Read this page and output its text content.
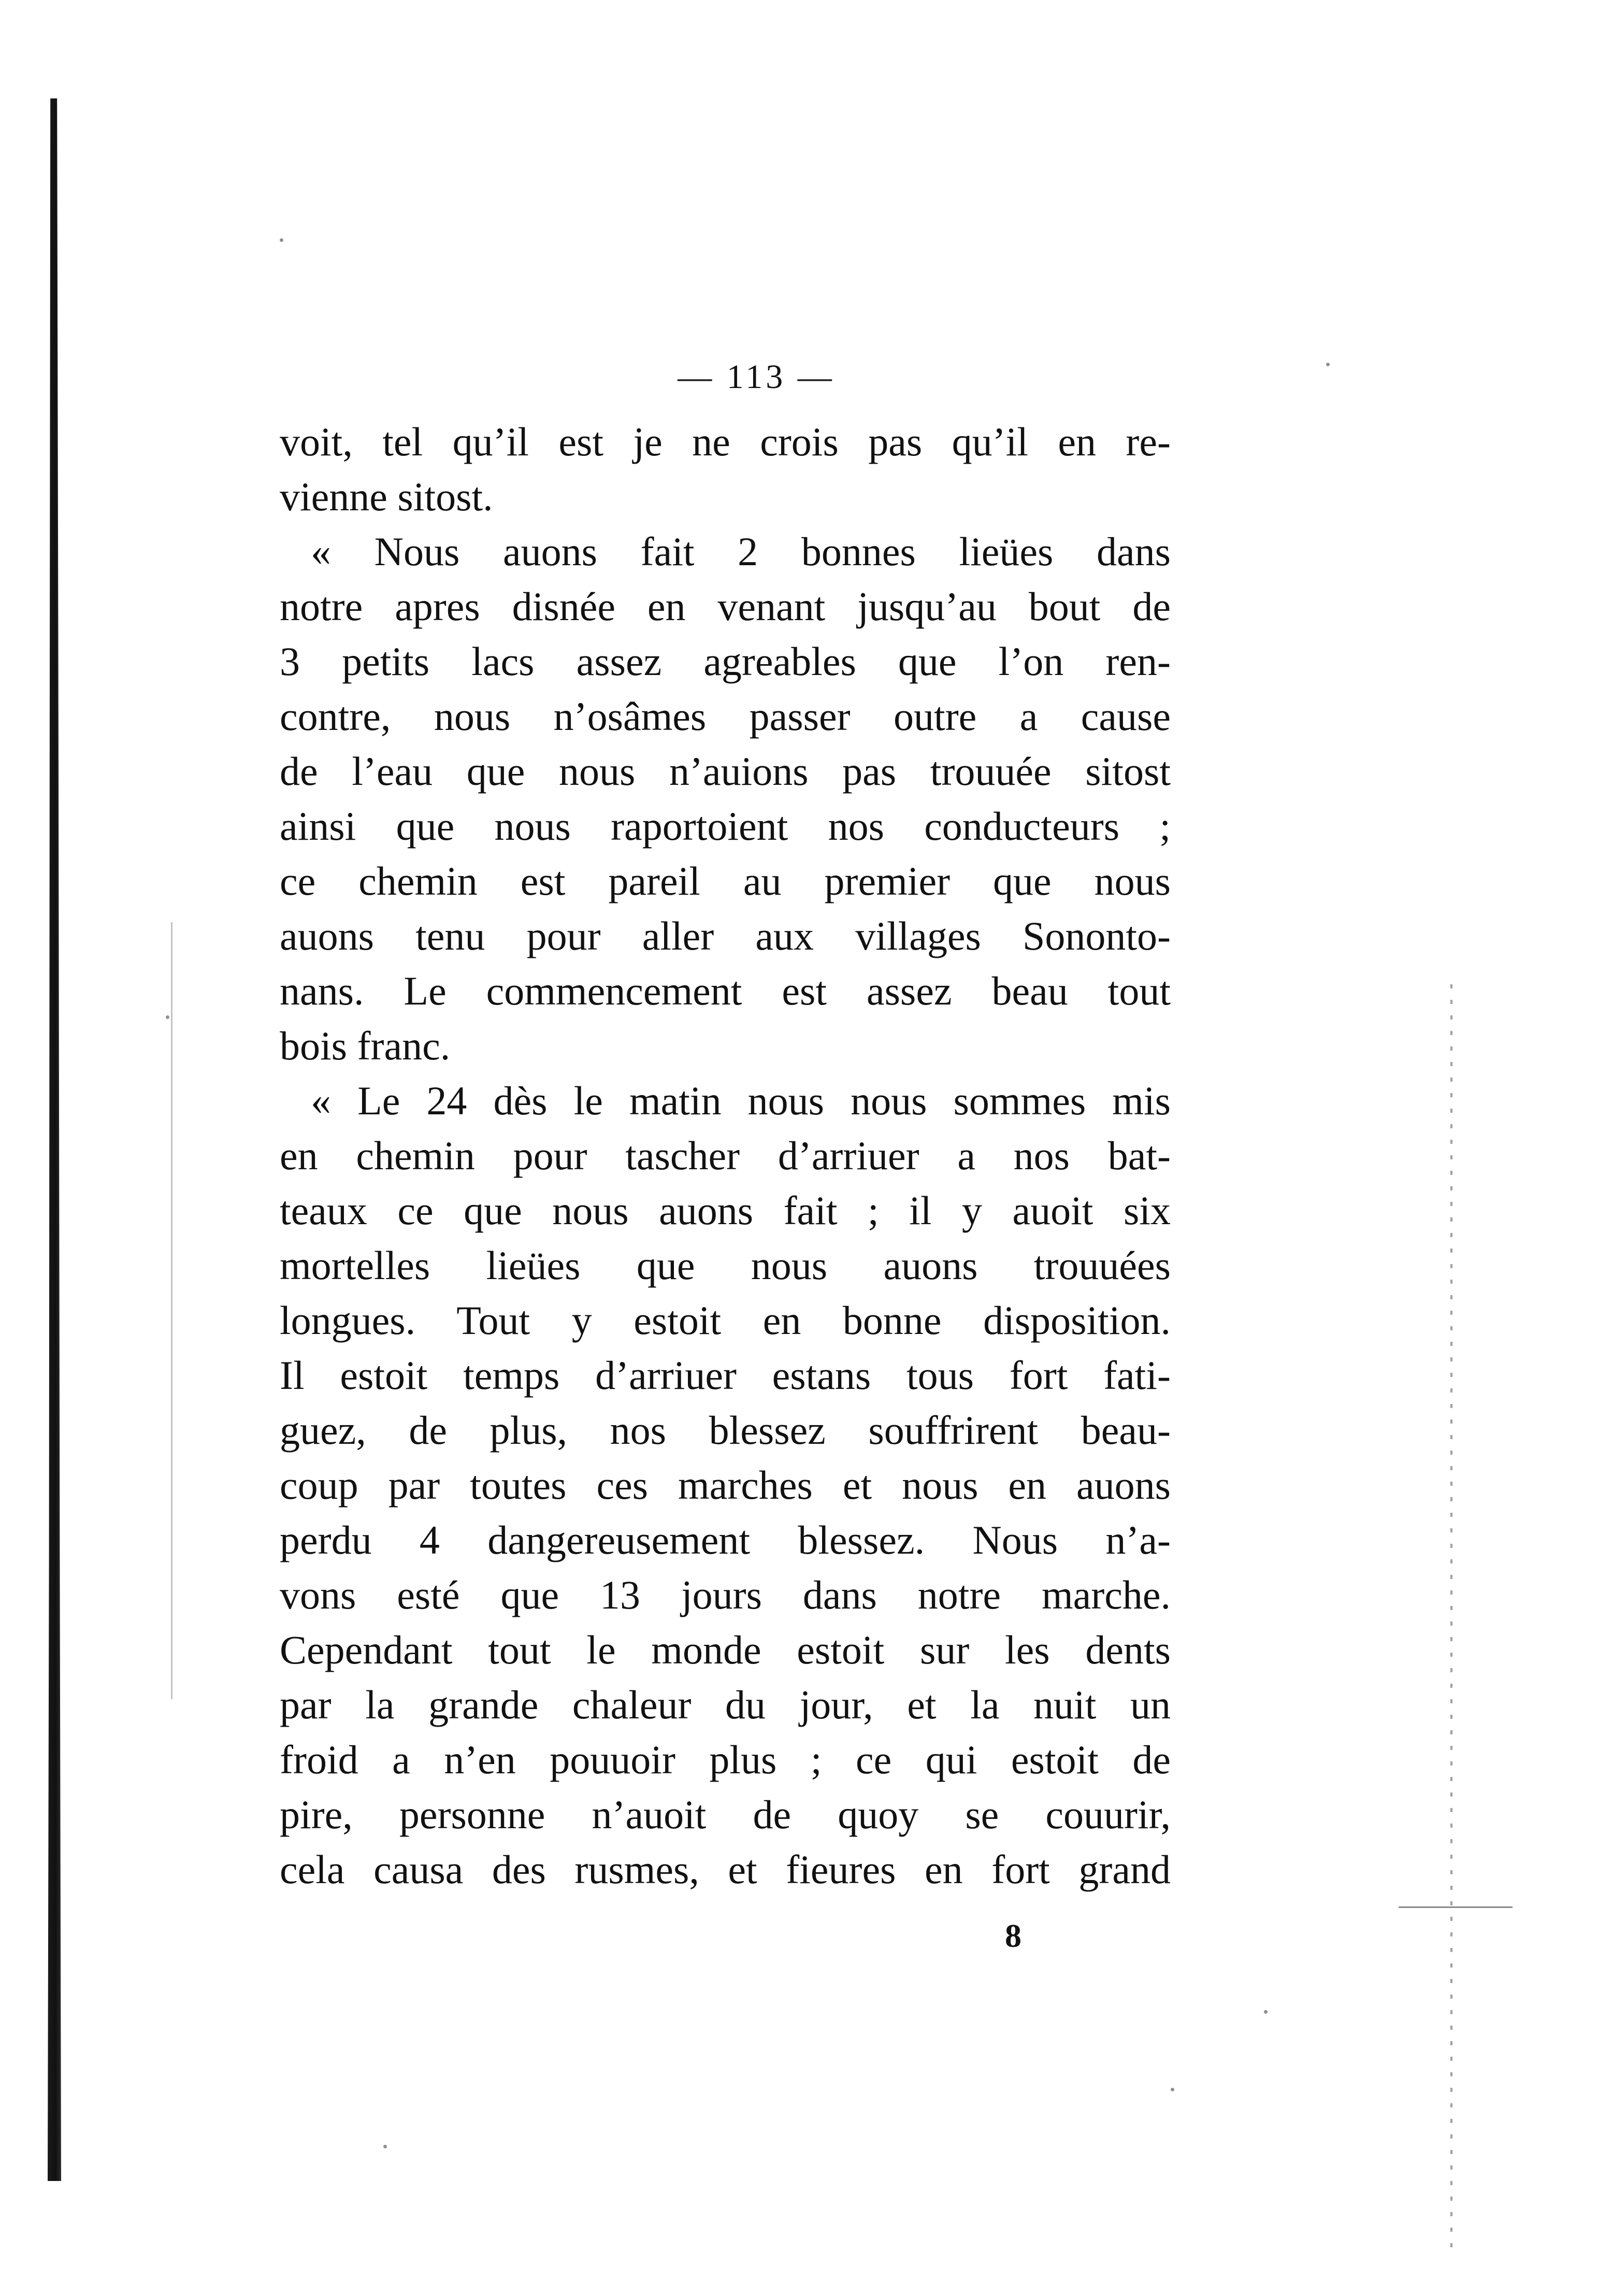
— 113 —
voit, tel qu’il est je ne crois pas qu’il en re-
vienne sitost.
« Nous auons fait 2 bonnes lieües dans
notre apres disnée en venant jusqu’au bout de
3 petits lacs assez agreables que l’on ren-
contre, nous n’osâmes passer outre a cause
de l’eau que nous n’auions pas trouuée sitost
ainsi que nous raportoient nos conducteurs ;
ce chemin est pareil au premier que nous
auons tenu pour aller aux villages Sononto-
nans. Le commencement est assez beau tout
bois franc.
« Le 24 dès le matin nous nous sommes mis
en chemin pour tascher d’arriuer a nos bat-
teaux ce que nous auons fait ; il y auoit six
mortelles lieües que nous auons trouuées
longues. Tout y estoit en bonne disposition.
Il estoit temps d’arriuer estans tous fort fati-
guez, de plus, nos blessez souffrirent beau-
coup par toutes ces marches et nous en auons
perdu 4 dangereusement blessez. Nous n’a-
vons esté que 13 jours dans notre marche.
Cependant tout le monde estoit sur les dents
par la grande chaleur du jour, et la nuit un
froid a n’en pouuoir plus ; ce qui estoit de
pire, personne n’auoit de quoy se couurir,
cela causa des rusmes, et fieures en fort grand
8
